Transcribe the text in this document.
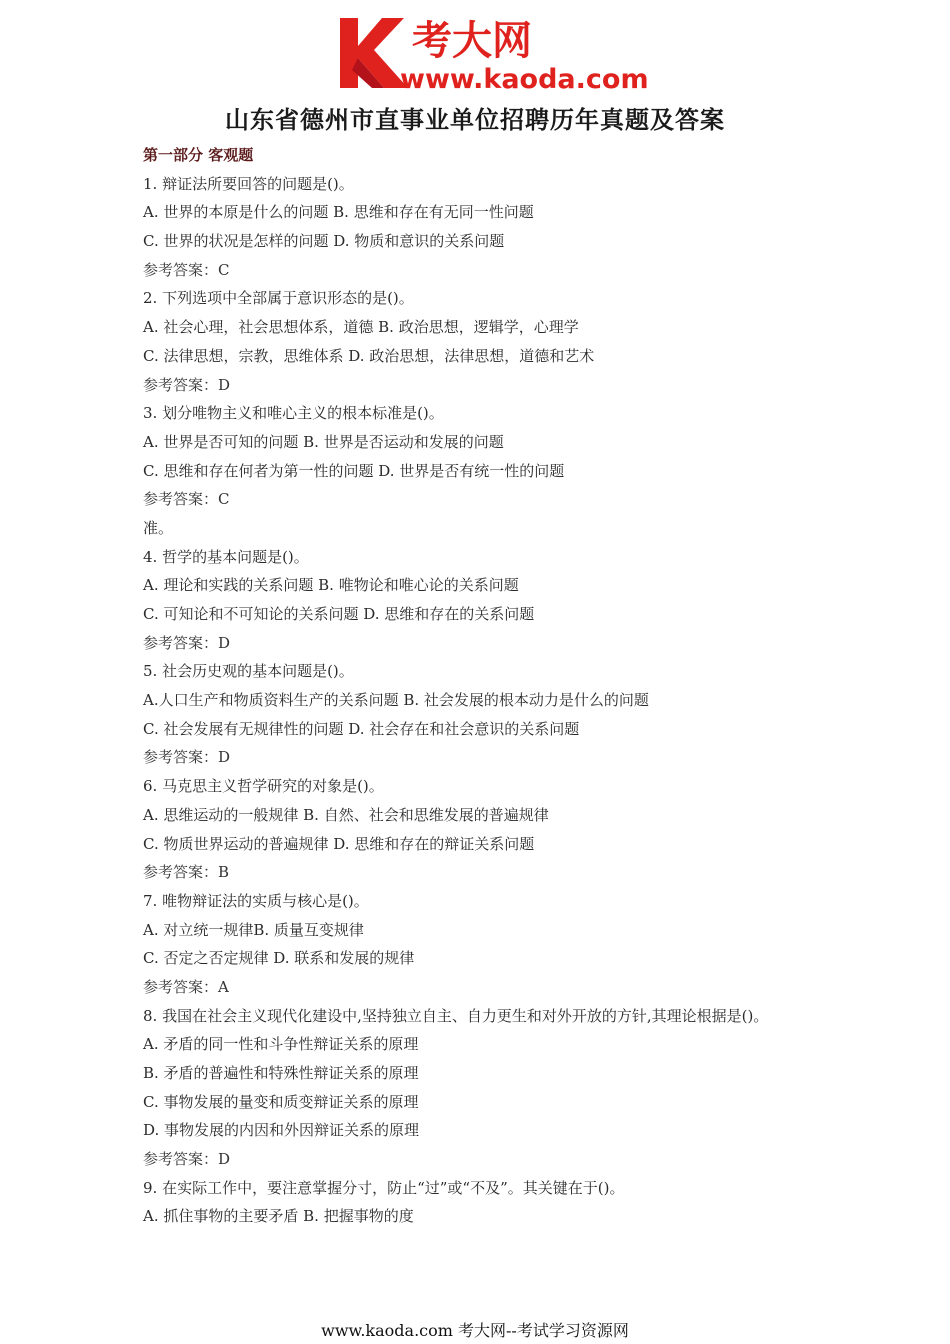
考大网
www.kaoda.com
山东省德州市直事业单位招聘历年真题及答案
第一部分 客观题
1. 辩证法所要回答的问题是()。
A. 世界的本原是什么的问题 B. 思维和存在有无同一性问题
C. 世界的状况是怎样的问题 D. 物质和意识的关系问题
参考答案：C
2. 下列选项中全部属于意识形态的是()。
A. 社会心理，社会思想体系，道德 B. 政治思想，逻辑学，心理学
C. 法律思想，宗教，思维体系 D. 政治思想，法律思想，道德和艺术
参考答案：D
3. 划分唯物主义和唯心主义的根本标准是()。
A. 世界是否可知的问题 B. 世界是否运动和发展的问题
C. 思维和存在何者为第一性的问题 D. 世界是否有统一性的问题
参考答案：C
准。
4. 哲学的基本问题是()。
A. 理论和实践的关系问题 B. 唯物论和唯心论的关系问题
C. 可知论和不可知论的关系问题 D. 思维和存在的关系问题
参考答案：D
5. 社会历史观的基本问题是()。
A.人口生产和物质资料生产的关系问题 B. 社会发展的根本动力是什么的问题
C. 社会发展有无规律性的问题 D. 社会存在和社会意识的关系问题
参考答案：D
6. 马克思主义哲学研究的对象是()。
A. 思维运动的一般规律 B. 自然、社会和思维发展的普遍规律
C. 物质世界运动的普遍规律 D. 思维和存在的辩证关系问题
参考答案：B
7. 唯物辩证法的实质与核心是()。
A. 对立统一规律B. 质量互变规律
C. 否定之否定规律 D. 联系和发展的规律
参考答案：A
8. 我国在社会主义现代化建设中,坚持独立自主、自力更生和对外开放的方针,其理论根据是()。
A. 矛盾的同一性和斗争性辩证关系的原理
B. 矛盾的普遍性和特殊性辩证关系的原理
C. 事物发展的量变和质变辩证关系的原理
D. 事物发展的内因和外因辩证关系的原理
参考答案：D
9. 在实际工作中，要注意掌握分寸，防止“过”或“不及”。其关键在于()。
A. 抓住事物的主要矛盾 B. 把握事物的度
www.kaoda.com 考大网--考试学习资源网
